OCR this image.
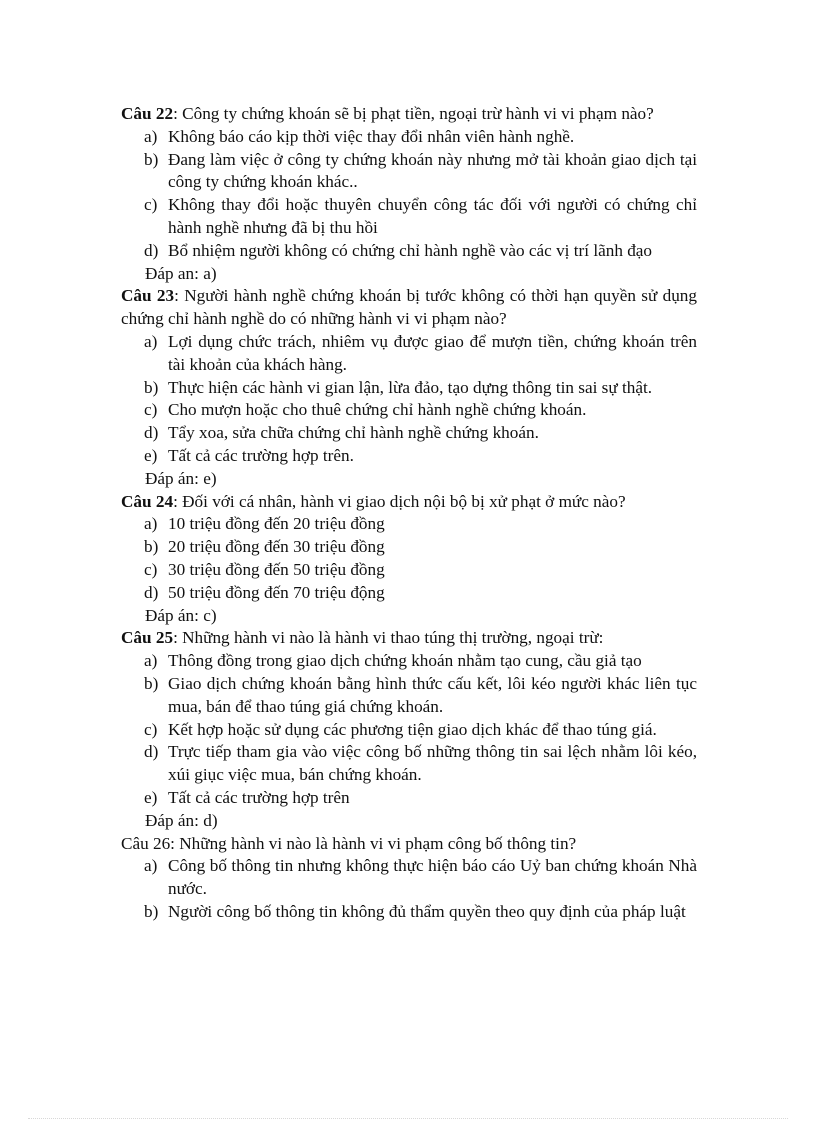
Câu 22: Công ty chứng khoán sẽ bị phạt tiền, ngoại trừ hành vi vi phạm nào?

a) Không báo cáo kịp thời việc thay đổi nhân viên hành nghề.
b) Đang làm việc ở công ty chứng khoán này nhưng mở tài khoản giao dịch tại công ty chứng khoán khác..
c) Không thay đổi hoặc thuyên chuyển công tác đối với người có chứng chỉ hành nghề nhưng đã bị thu hồi
d) Bổ nhiệm người không có chứng chỉ hành nghề vào các vị trí lãnh đạo

Đáp an: a)

Câu 23: Người hành nghề chứng khoán bị tước không có thời hạn quyền sử dụng chứng chỉ hành nghề do có những hành vi vi phạm nào?

a) Lợi dụng chức trách, nhiêm vụ được giao để mượn tiền, chứng khoán trên tài khoản của khách hàng.
b) Thực hiện các hành vi gian lận, lừa đảo, tạo dựng thông tin sai sự thật.
c) Cho mượn hoặc cho thuê chứng chỉ hành nghề chứng khoán.
d) Tẩy xoa, sửa chữa chứng chỉ hành nghề chứng khoán.
e) Tất cả các trường hợp trên.

Đáp án: e)

Câu 24: Đối với cá nhân, hành vi giao dịch nội bộ bị xử phạt ở mức nào?

a) 10 triệu đồng đến 20 triệu đồng
b) 20 triệu đồng đến 30 triệu đồng
c) 30 triệu đồng đến 50 triệu đồng
d) 50 triệu đồng đến 70 triệu động

Đáp án: c)

Câu 25: Những hành vi nào là hành vi thao túng thị trường, ngoại trừ:

a) Thông đồng trong giao dịch chứng khoán nhằm tạo cung, cầu giả tạo
b) Giao dịch chứng khoán bằng hình thức cấu kết, lôi kéo người khác liên tục mua, bán để thao túng giá chứng khoán.
c) Kết hợp hoặc sử dụng các phương tiện giao dịch khác để thao túng giá.
d) Trực tiếp tham gia vào việc công bố những thông tin sai lệch nhằm lôi kéo, xúi giục việc mua, bán chứng khoán.
e) Tất cả các trường hợp trên

Đáp án: d)

Câu 26: Những hành vi nào là hành vi vi phạm công bố thông tin?

a) Công bố thông tin nhưng không thực hiện báo cáo Uỷ ban chứng khoán Nhà nước.
b) Người công bố thông tin không đủ thẩm quyền theo quy định của pháp luật
